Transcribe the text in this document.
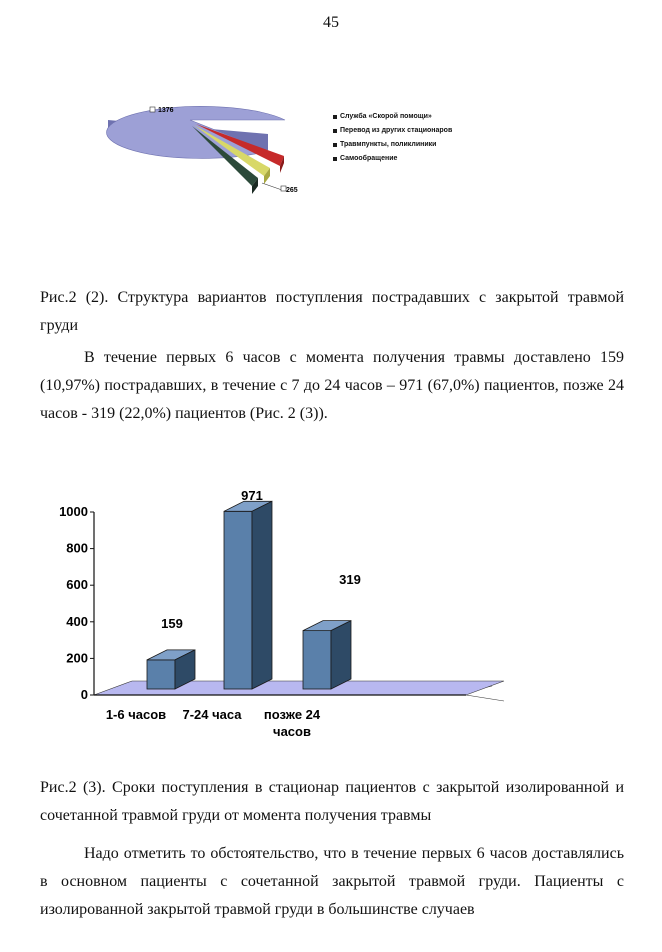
45
1376
265
Служба «Скорой помощи»
Перевод из других стационаров
Травмпункты, поликлиники
Самообращение
Рис.2 (2). Структура вариантов поступления пострадавших с закрытой травмой груди
В течение первых 6 часов с момента получения травмы доставлено 159 (10,97%) пострадавших, в течение с 7 до 24 часов – 971 (67,0%) пациентов, позже 24 часов - 319 (22,0%) пациентов (Рис. 2 (3)).
0
200
400
600
800
1000
159
971
319
1-6 часов 7-24 часа позже 24
часов
Рис.2 (3). Сроки поступления в стационар пациентов с закрытой изолированной и сочетанной травмой груди от момента получения травмы
Надо отметить то обстоятельство, что в течение первых 6 часов доставлялись в основном пациенты с сочетанной закрытой травмой груди. Пациенты с изолированной закрытой травмой груди в большинстве случаев
